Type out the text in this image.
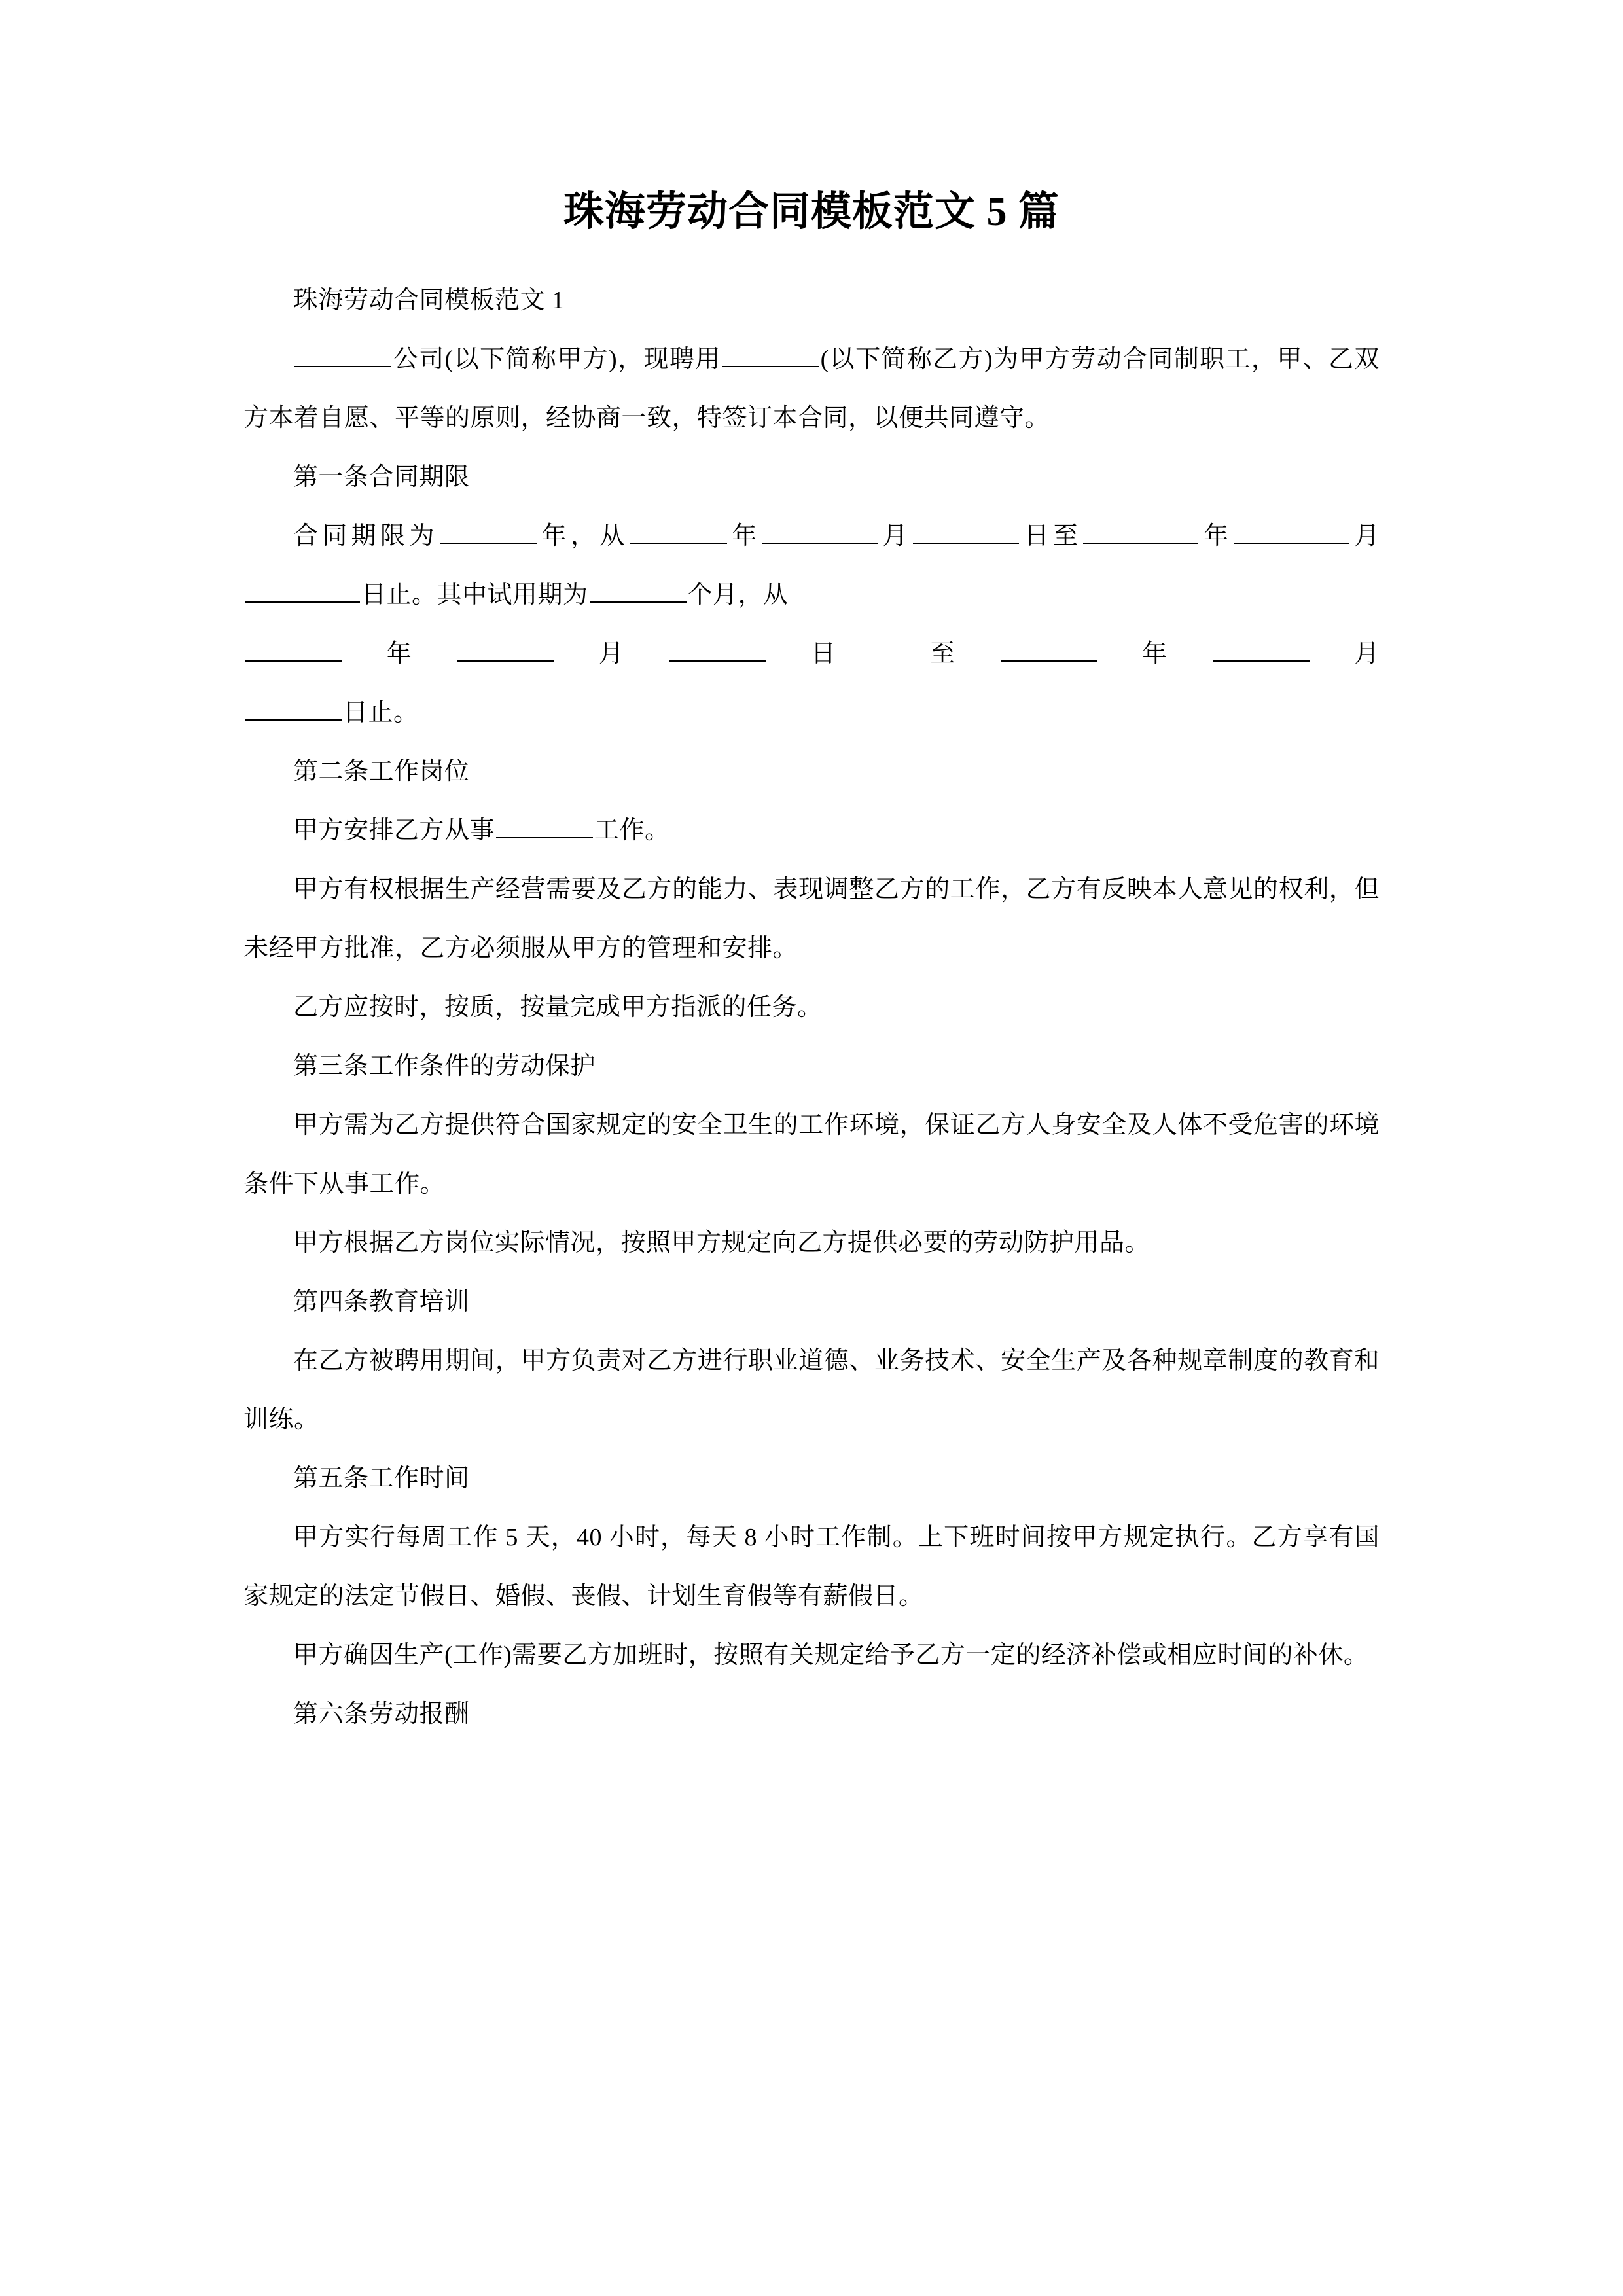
珠海劳动合同模板范文 5 篇

珠海劳动合同模板范文 1

公司(以下简称甲方)，现聘用	(以下简称乙方)为甲方劳动合同制职工，甲、乙双方本着自愿、平等的原则，经协商一致，特签订本合同，以便共同遵守。

第一条合同期限

合同期限为	年，从	年	月	日至	年	月日止。其中试用期为	个月，从
年	月	日 至	年	月
日止。

第二条工作岗位

甲方安排乙方从事	工作。

甲方有权根据生产经营需要及乙方的能力、表现调整乙方的工作，乙方有反映本人意见的权利，但未经甲方批准，乙方必须服从甲方的管理和安排。

乙方应按时，按质，按量完成甲方指派的任务。

第三条工作条件的劳动保护

甲方需为乙方提供符合国家规定的安全卫生的工作环境，保证乙方人身安全及人体不受危害的环境条件下从事工作。

甲方根据乙方岗位实际情况，按照甲方规定向乙方提供必要的劳动防护用品。

第四条教育培训

在乙方被聘用期间，甲方负责对乙方进行职业道德、业务技术、安全生产及各种规章制度的教育和训练。

第五条工作时间

甲方实行每周工作 5 天，40 小时，每天 8 小时工作制。上下班时间按甲方规定执行。乙方享有国家规定的法定节假日、婚假、丧假、计划生育假等有薪假日。

甲方确因生产(工作)需要乙方加班时，按照有关规定给予乙方一定的经济补偿或相应时间的补休。

第六条劳动报酬
